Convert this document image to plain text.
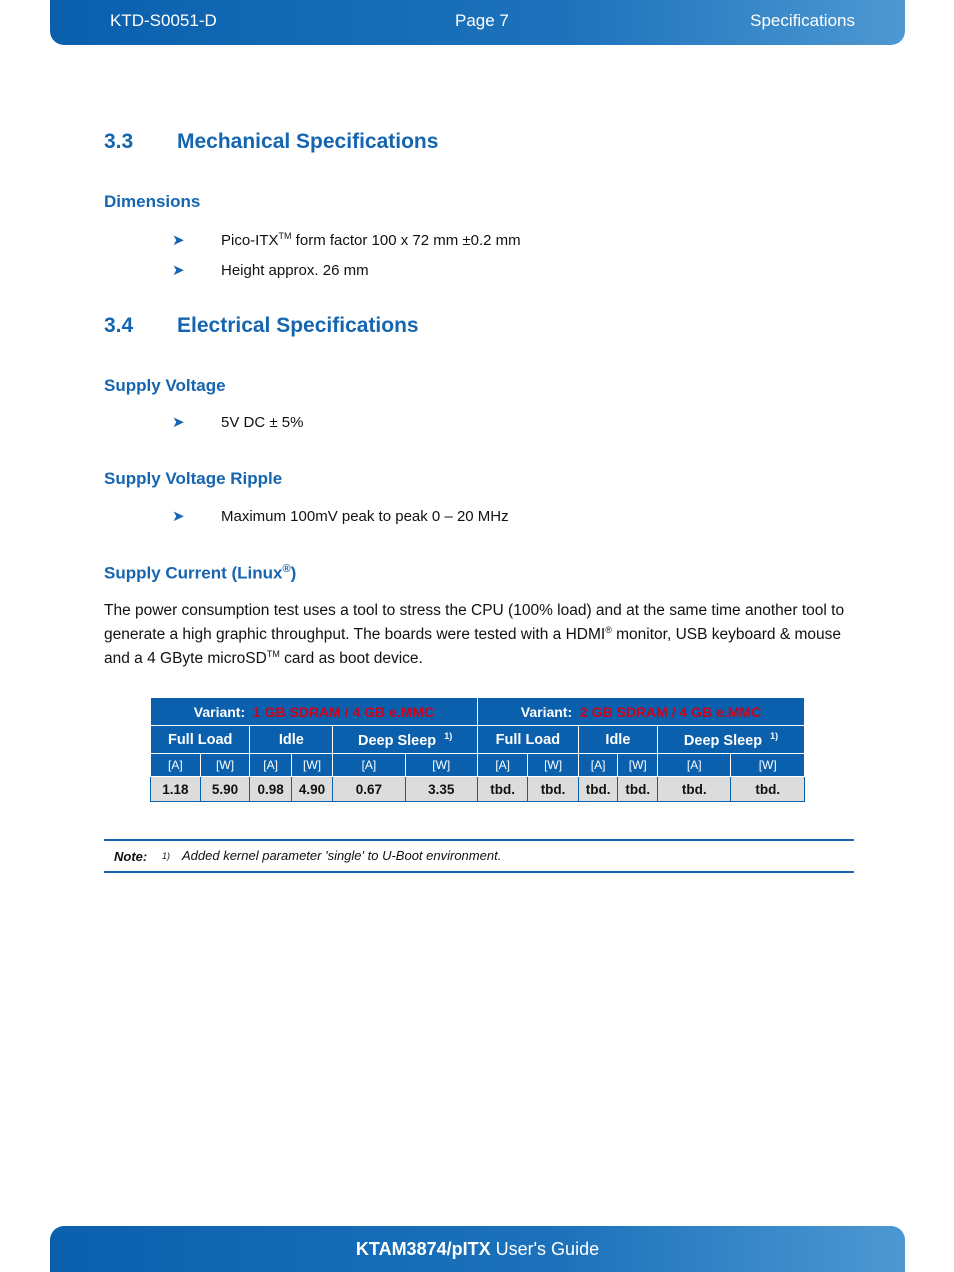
KTD-S0051-D	Page 7	Specifications
3.3 Mechanical Specifications
Dimensions
➤ Pico-ITX™ form factor 100 x 72 mm ±0.2 mm
➤ Height approx. 26 mm
3.4 Electrical Specifications
Supply Voltage
➤ 5V DC ± 5%
Supply Voltage Ripple
➤ Maximum 100mV peak to peak 0 – 20 MHz
Supply Current (Linux®)
The power consumption test uses a tool to stress the CPU (100% load) and at the same time another tool to generate a high graphic throughput. The boards were tested with a HDMI® monitor, USB keyboard & mouse and a 4 GByte microSD™ card as boot device.
Variant: 1 GB SDRAM / 4 GB e.MMC						Variant: 2 GB SDRAM / 4 GB e.MMC					
Full Load		Idle		Deep Sleep $^{1)}$		Full Load		Idle		Deep Sleep $^{1)}$
[A]	[W]	[A]	[W]	[A]	[W]	[A]	[W]	[A]	[W]	[A]	[W]
1.18	5.90	0.98	4.90	0.67	3.35	tbd.	tbd.	tbd.	tbd.	tbd.	tbd.
Note: 1) Added kernel parameter 'single' to U-Boot environment.
KTAM3874/pITX User's Guide
